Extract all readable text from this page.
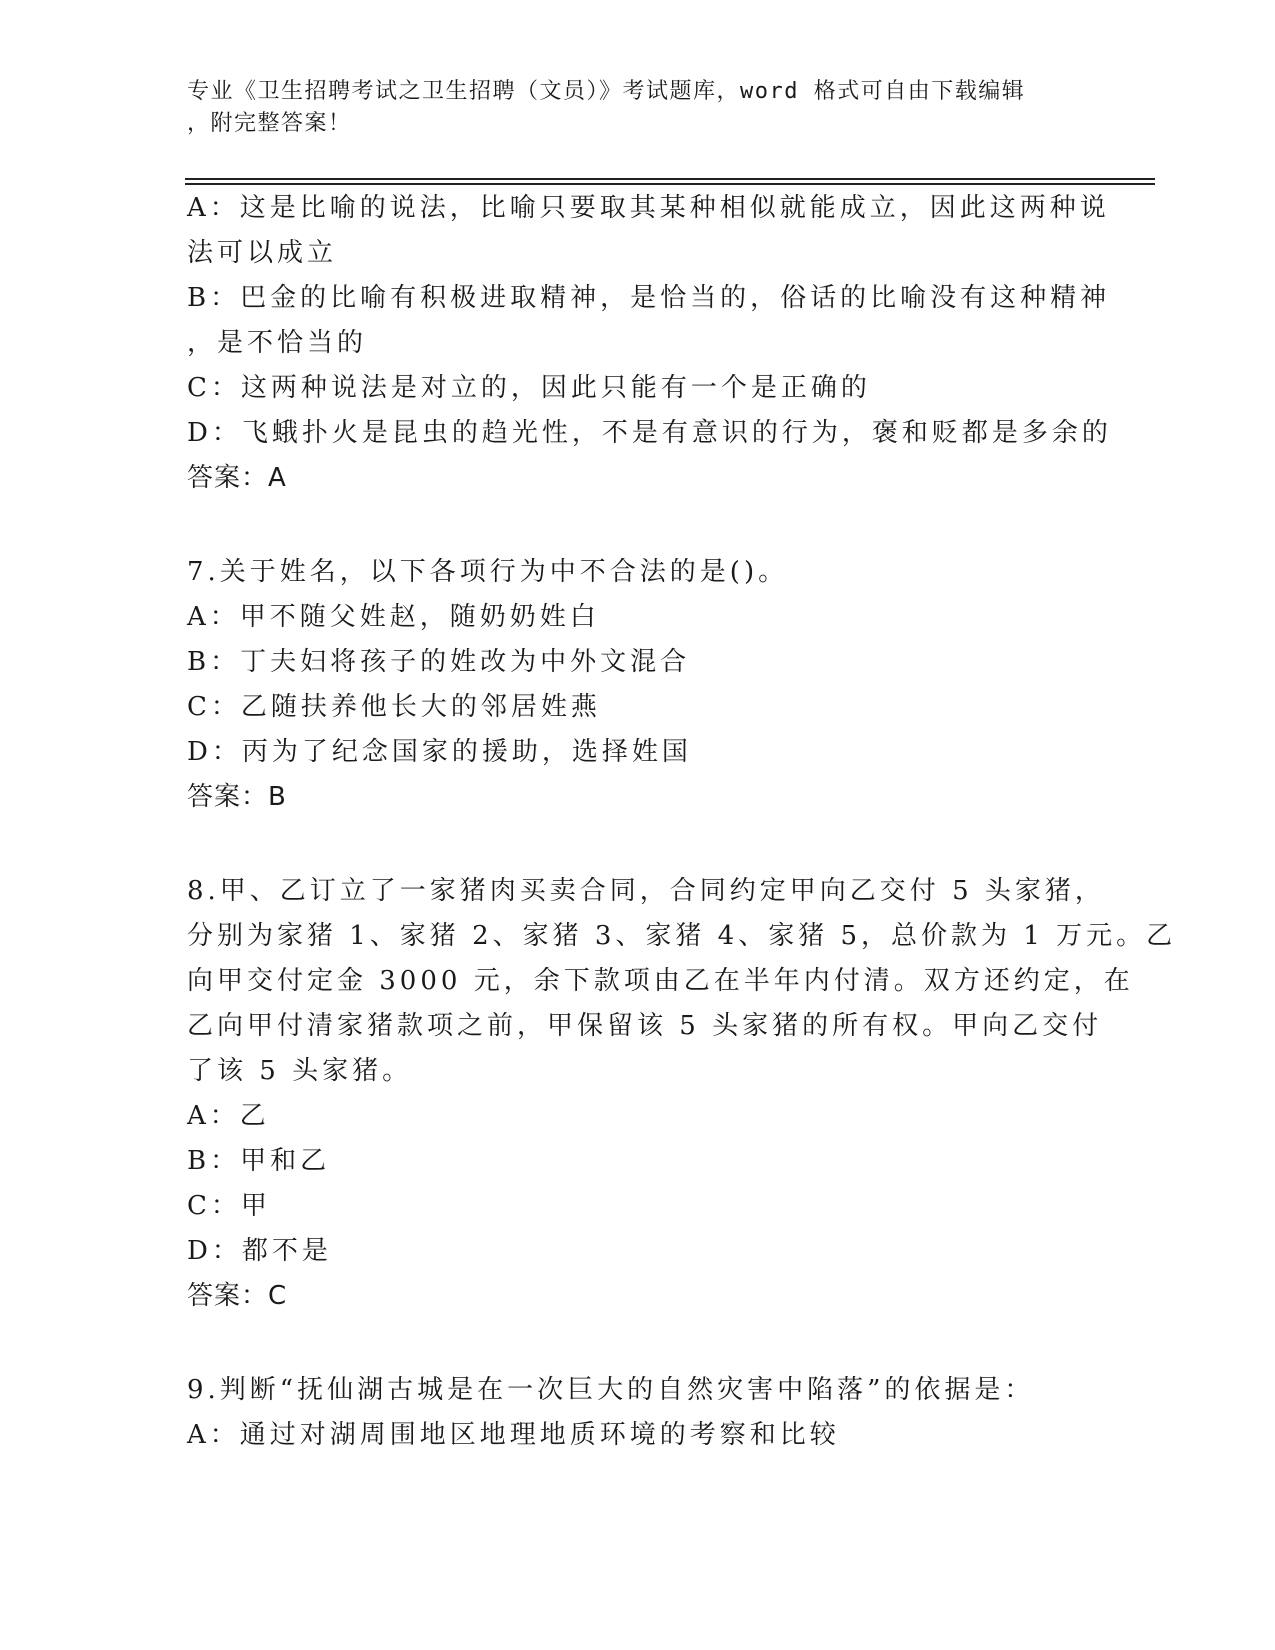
专业《卫生招聘考试之卫生招聘（文员）》考试题库，word 格式可自由下载编辑
，附完整答案！
A：这是比喻的说法，比喻只要取其某种相似就能成立，因此这两种说
法可以成立
B：巴金的比喻有积极进取精神，是恰当的，俗话的比喻没有这种精神
，是不恰当的
C：这两种说法是对立的，因此只能有一个是正确的
D：飞蛾扑火是昆虫的趋光性，不是有意识的行为，褒和贬都是多余的
答案：A
7.关于姓名，以下各项行为中不合法的是()。
A：甲不随父姓赵，随奶奶姓白
B：丁夫妇将孩子的姓改为中外文混合
C：乙随扶养他长大的邻居姓燕
D：丙为了纪念国家的援助，选择姓国
答案：B
8.甲、乙订立了一家猪肉买卖合同，合同约定甲向乙交付 5 头家猪，
分别为家猪 1、家猪 2、家猪 3、家猪 4、家猪 5，总价款为 1 万元。乙
向甲交付定金 3000 元，余下款项由乙在半年内付清。双方还约定，在
乙向甲付清家猪款项之前，甲保留该 5 头家猪的所有权。甲向乙交付
了该 5 头家猪。
A：乙
B：甲和乙
C：甲
D：都不是
答案：C
9.判断“抚仙湖古城是在一次巨大的自然灾害中陷落”的依据是：
A：通过对湖周围地区地理地质环境的考察和比较
